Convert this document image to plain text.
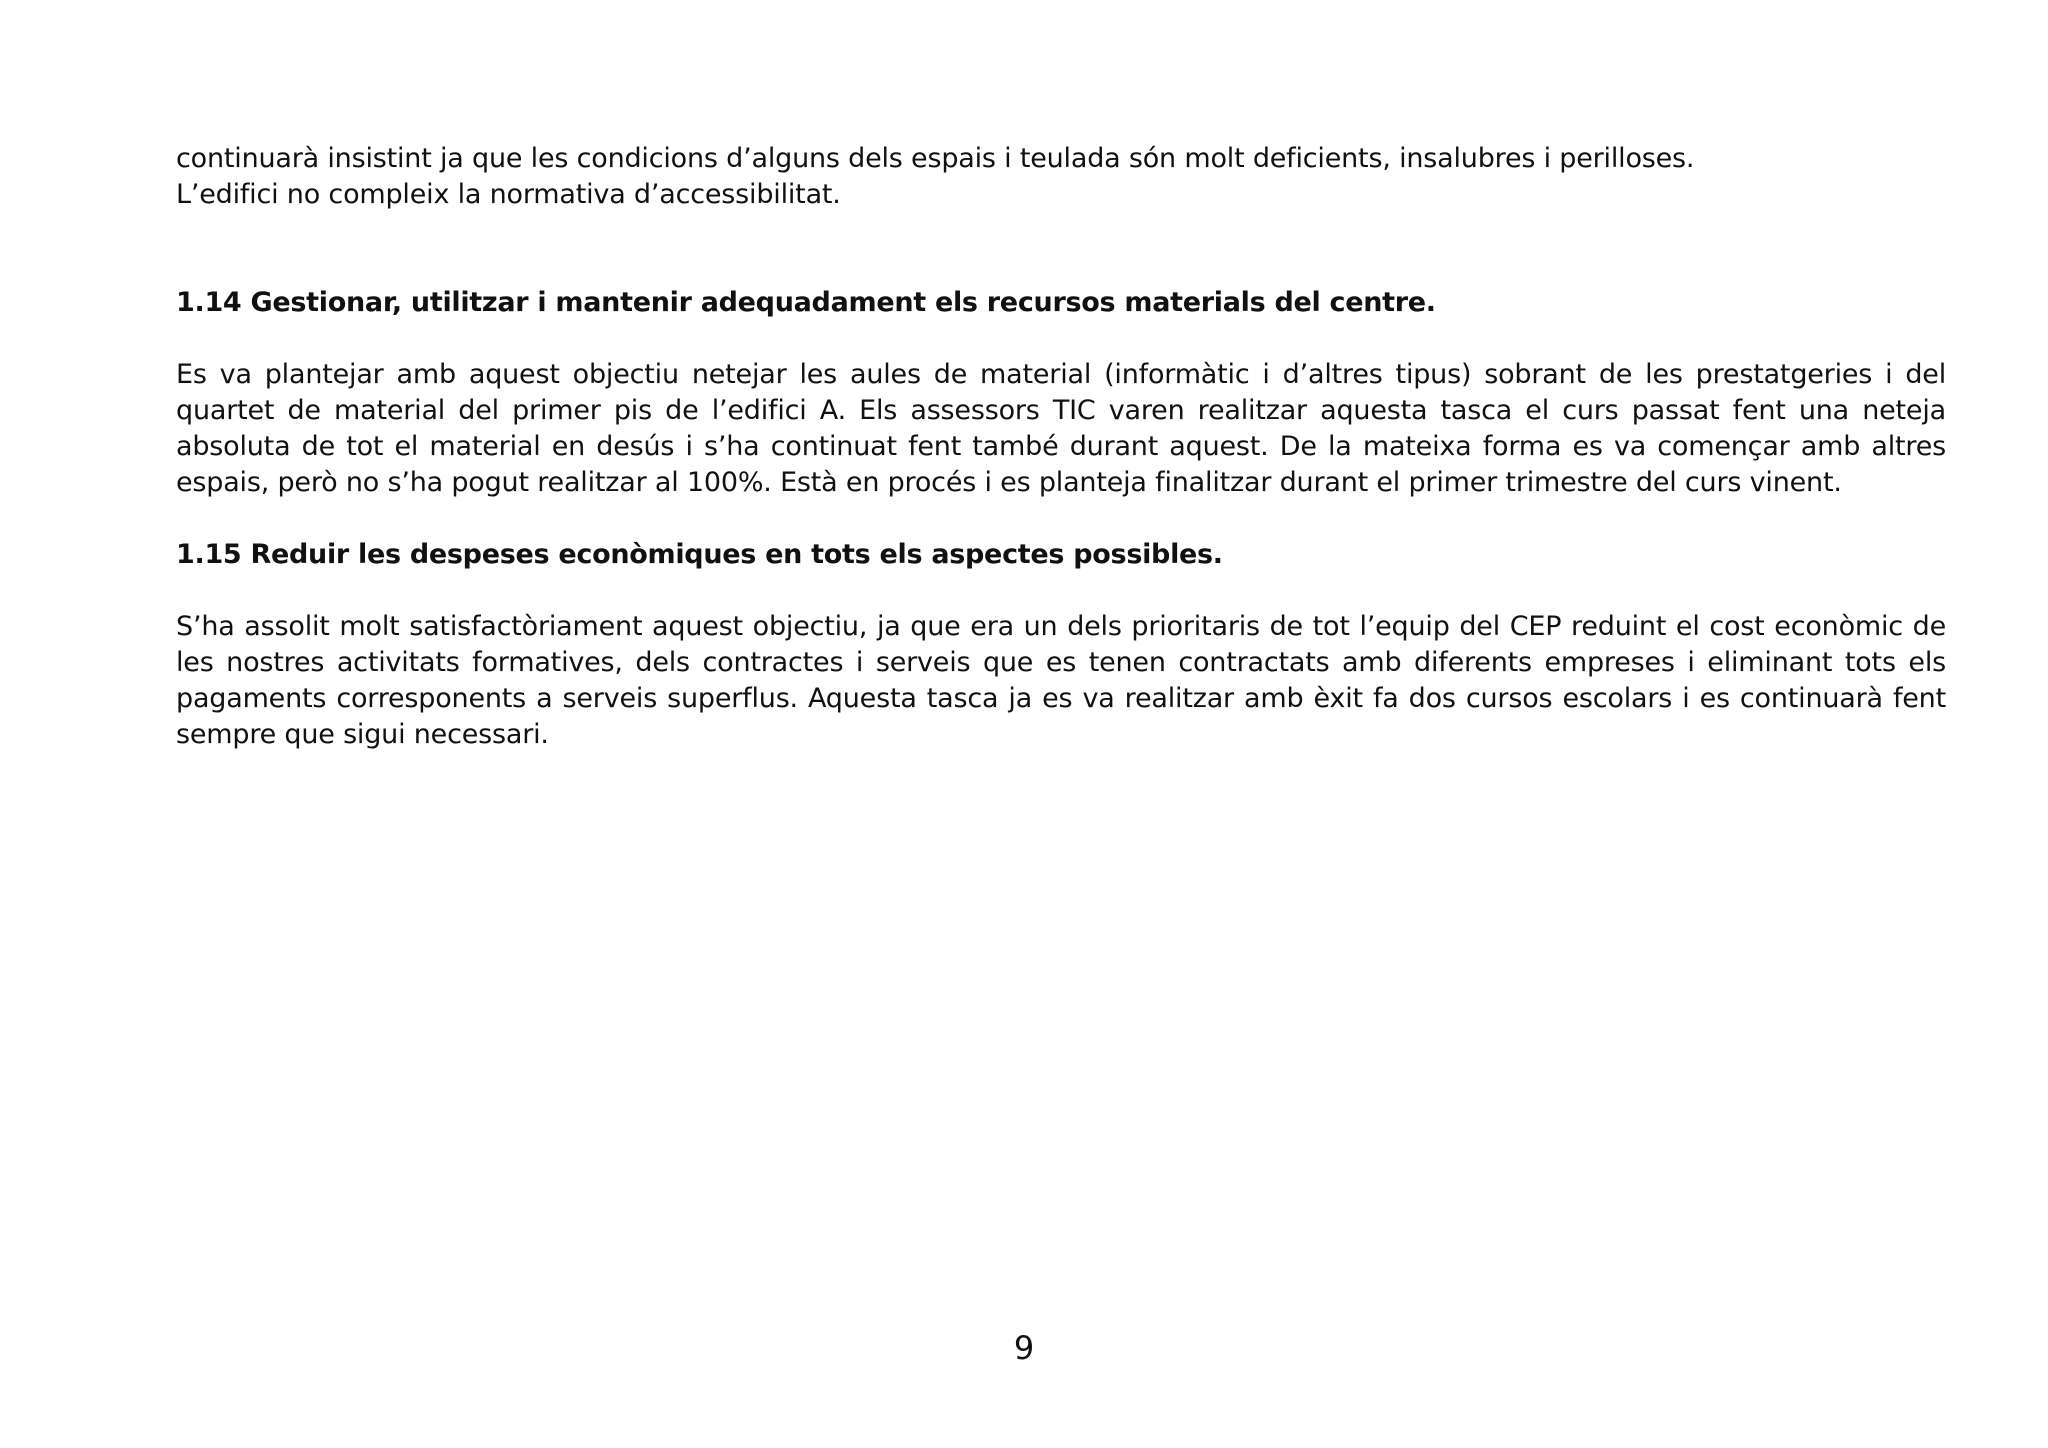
continuarà insistint ja que les condicions d’alguns dels espais i teulada són molt deficients, insalubres i perilloses.

L’edifici no compleix la normativa d’accessibilitat.

1.14 Gestionar, utilitzar i mantenir adequadament els recursos materials del centre.

Es va plantejar amb aquest objectiu netejar les aules de material (informàtic i d’altres tipus) sobrant de les prestatgeries i del quartet de material del primer pis de l’edifici A. Els assessors TIC varen realitzar aquesta tasca el curs passat fent una neteja absoluta de tot el material en desús i s’ha continuat fent també durant aquest. De la mateixa forma es va començar amb altres espais, però no s’ha pogut realitzar al 100%. Està en procés i es planteja finalitzar durant el primer trimestre del curs vinent.

1.15 Reduir les despeses econòmiques en tots els aspectes possibles.

S’ha assolit molt satisfactòriament aquest objectiu, ja que era un dels prioritaris de tot l’equip del CEP reduint el cost econòmic de les nostres activitats formatives, dels contractes i serveis que es tenen contractats amb diferents empreses i eliminant tots els pagaments corresponents a serveis superflus. Aquesta tasca ja es va realitzar amb èxit fa dos cursos escolars i es continuarà fent sempre que sigui necessari.

9
